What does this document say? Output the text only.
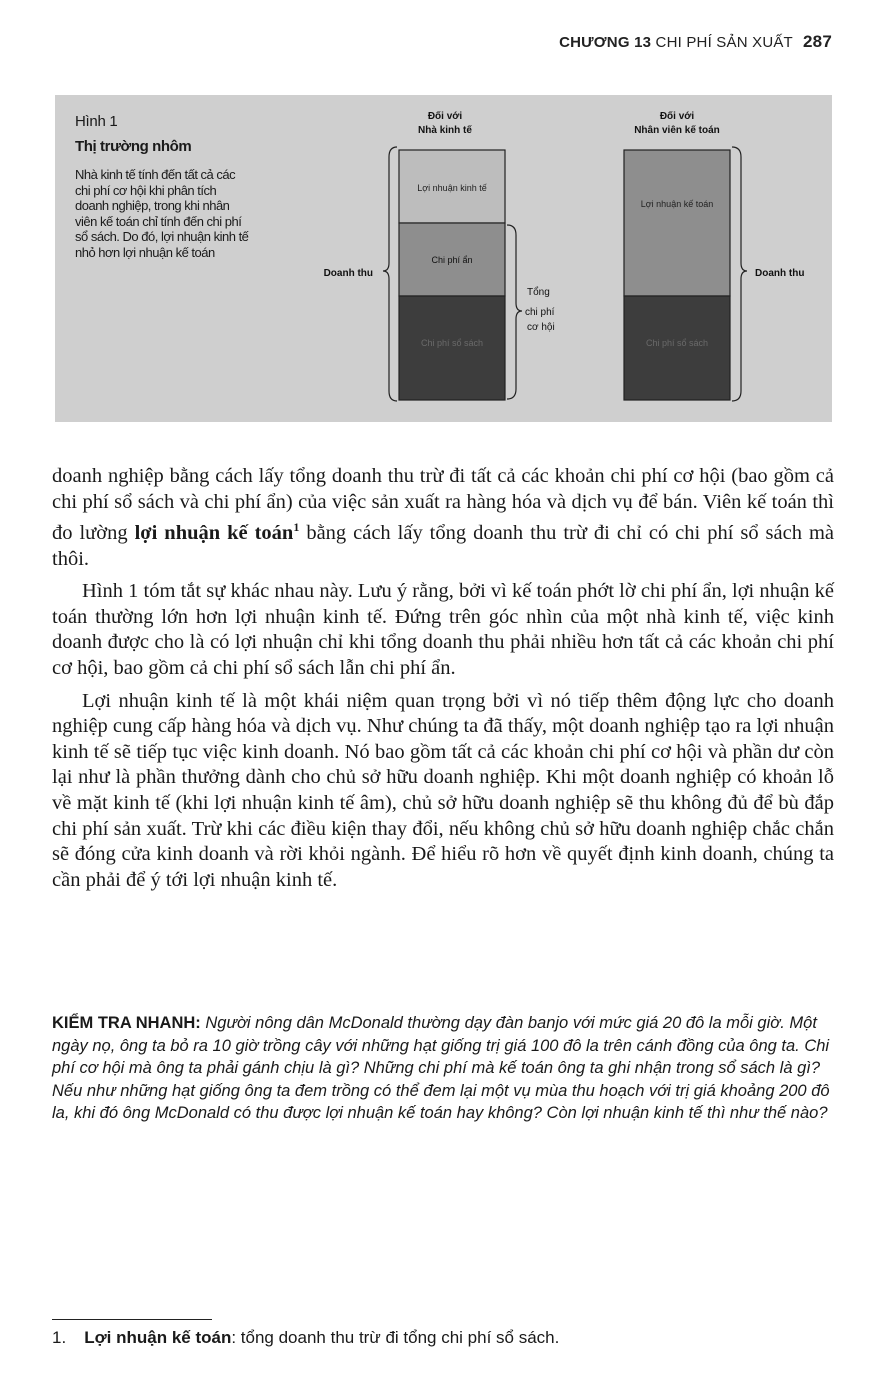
CHƯƠNG 13 CHI PHÍ SẢN XUẤT 287
Đối với
Nhà kinh tế
Lợi nhuận kinh tế
Chi phí ẩn
Chi phí sổ sách
Doanh thu
Tổng
chi phí
cơ hội
Đối với
Nhân viên kế toán
Lợi nhuận kế toán
Chi phí sổ sách
Doanh thu
Hình 1
Thị trường nhôm
Nhà kinh tế tính đến tất cả các chi phí cơ hội khi phân tích doanh nghiệp, trong khi nhân viên kế toán chỉ tính đến chi phí sổ sách. Do đó, lợi nhuận kinh tế nhỏ hơn lợi nhuận kế toán

doanh nghiệp bằng cách lấy tổng doanh thu trừ đi tất cả các khoản chi phí cơ hội (bao gồm cả chi phí sổ sách và chi phí ẩn) của việc sản xuất ra hàng hóa và dịch vụ để bán. Viên kế toán thì đo lường lợi nhuận kế toán$^1$ bằng cách lấy tổng doanh thu trừ đi chỉ có chi phí sổ sách mà thôi.

Hình 1 tóm tắt sự khác nhau này. Lưu ý rằng, bởi vì kế toán phớt lờ chi phí ẩn, lợi nhuận kế toán thường lớn hơn lợi nhuận kinh tế. Đứng trên góc nhìn của một nhà kinh tế, việc kinh doanh được cho là có lợi nhuận chỉ khi tổng doanh thu phải nhiều hơn tất cả các khoản chi phí cơ hội, bao gồm cả chi phí sổ sách lẫn chi phí ẩn.

Lợi nhuận kinh tế là một khái niệm quan trọng bởi vì nó tiếp thêm động lực cho doanh nghiệp cung cấp hàng hóa và dịch vụ. Như chúng ta đã thấy, một doanh nghiệp tạo ra lợi nhuận kinh tế sẽ tiếp tục việc kinh doanh. Nó bao gồm tất cả các khoản chi phí cơ hội và phần dư còn lại như là phần thưởng dành cho chủ sở hữu doanh nghiệp. Khi một doanh nghiệp có khoản lỗ về mặt kinh tế (khi lợi nhuận kinh tế âm), chủ sở hữu doanh nghiệp sẽ thu không đủ để bù đắp chi phí sản xuất. Trừ khi các điều kiện thay đổi, nếu không chủ sở hữu doanh nghiệp chắc chắn sẽ đóng cửa kinh doanh và rời khỏi ngành. Để hiểu rõ hơn về quyết định kinh doanh, chúng ta cần phải để ý tới lợi nhuận kinh tế.

KIỂM TRA NHANH: Người nông dân McDonald thường dạy đàn banjo với mức giá 20 đô la mỗi giờ. Một ngày nọ, ông ta bỏ ra 10 giờ trồng cây với những hạt giống trị giá 100 đô la trên cánh đồng của ông ta. Chi phí cơ hội mà ông ta phải gánh chịu là gì? Những chi phí mà kế toán ông ta ghi nhận trong sổ sách là gì? Nếu như những hạt giống ông ta đem trồng có thể đem lại một vụ mùa thu hoạch với trị giá khoảng 200 đô la, khi đó ông McDonald có thu được lợi nhuận kế toán hay không? Còn lợi nhuận kinh tế thì như thế nào?
1. Lợi nhuận kế toán: tổng doanh thu trừ đi tổng chi phí sổ sách.
